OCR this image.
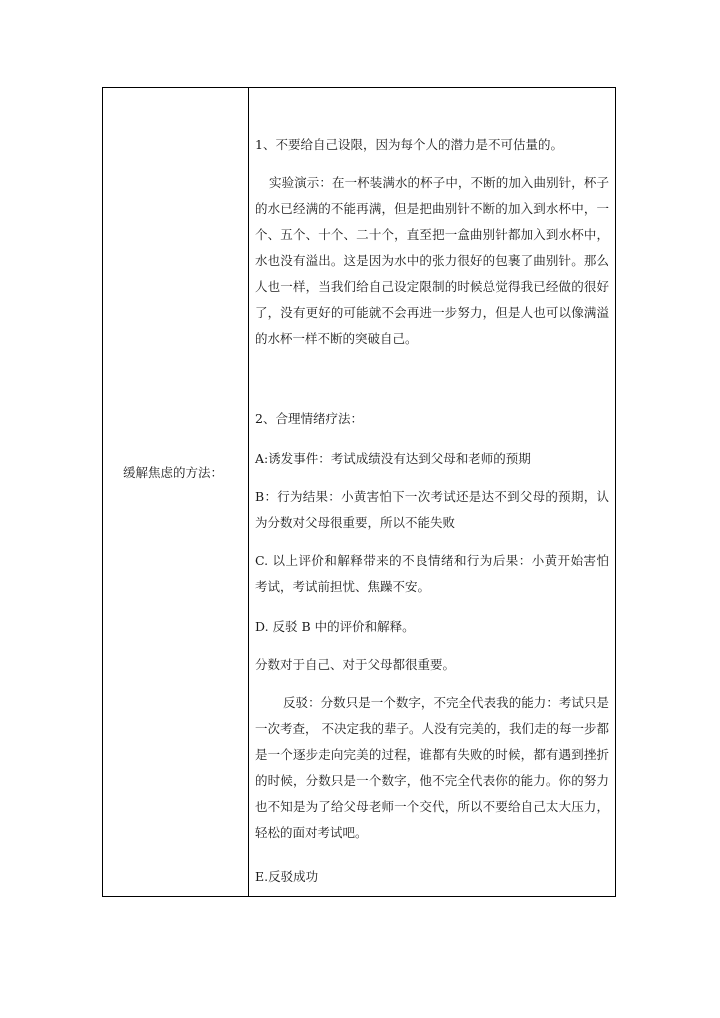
缓解焦虑的方法：

1、不要给自己设限，因为每个人的潜力是不可估量的。

实验演示：在一杯装满水的杯子中，不断的加入曲别针，杯子的水已经满的不能再满，但是把曲别针不断的加入到水杯中，一个、五个、十个、二十个，直至把一盒曲别针都加入到水杯中，水也没有溢出。这是因为水中的张力很好的包裹了曲别针。那么人也一样，当我们给自己设定限制的时候总觉得我已经做的很好了，没有更好的可能就不会再进一步努力，但是人也可以像满溢的水杯一样不断的突破自己。

2、合理情绪疗法：

A:诱发事件：考试成绩没有达到父母和老师的预期

B：行为结果：小黄害怕下一次考试还是达不到父母的预期，认为分数对父母很重要，所以不能失败

C. 以上评价和解释带来的不良情绪和行为后果：小黄开始害怕考试，考试前担忧、焦躁不安。

D. 反驳 B 中的评价和解释。

分数对于自己、对于父母都很重要。

反驳：分数只是一个数字，不完全代表我的能力：考试只是一次考查， 不决定我的辈子。人没有完美的，我们走的每一步都是一个逐步走向完美的过程，谁都有失败的时候，都有遇到挫折的时候，分数只是一个数字，他不完全代表你的能力。你的努力也不知是为了给父母老师一个交代，所以不要给自己太大压力，轻松的面对考试吧。

E.反驳成功
